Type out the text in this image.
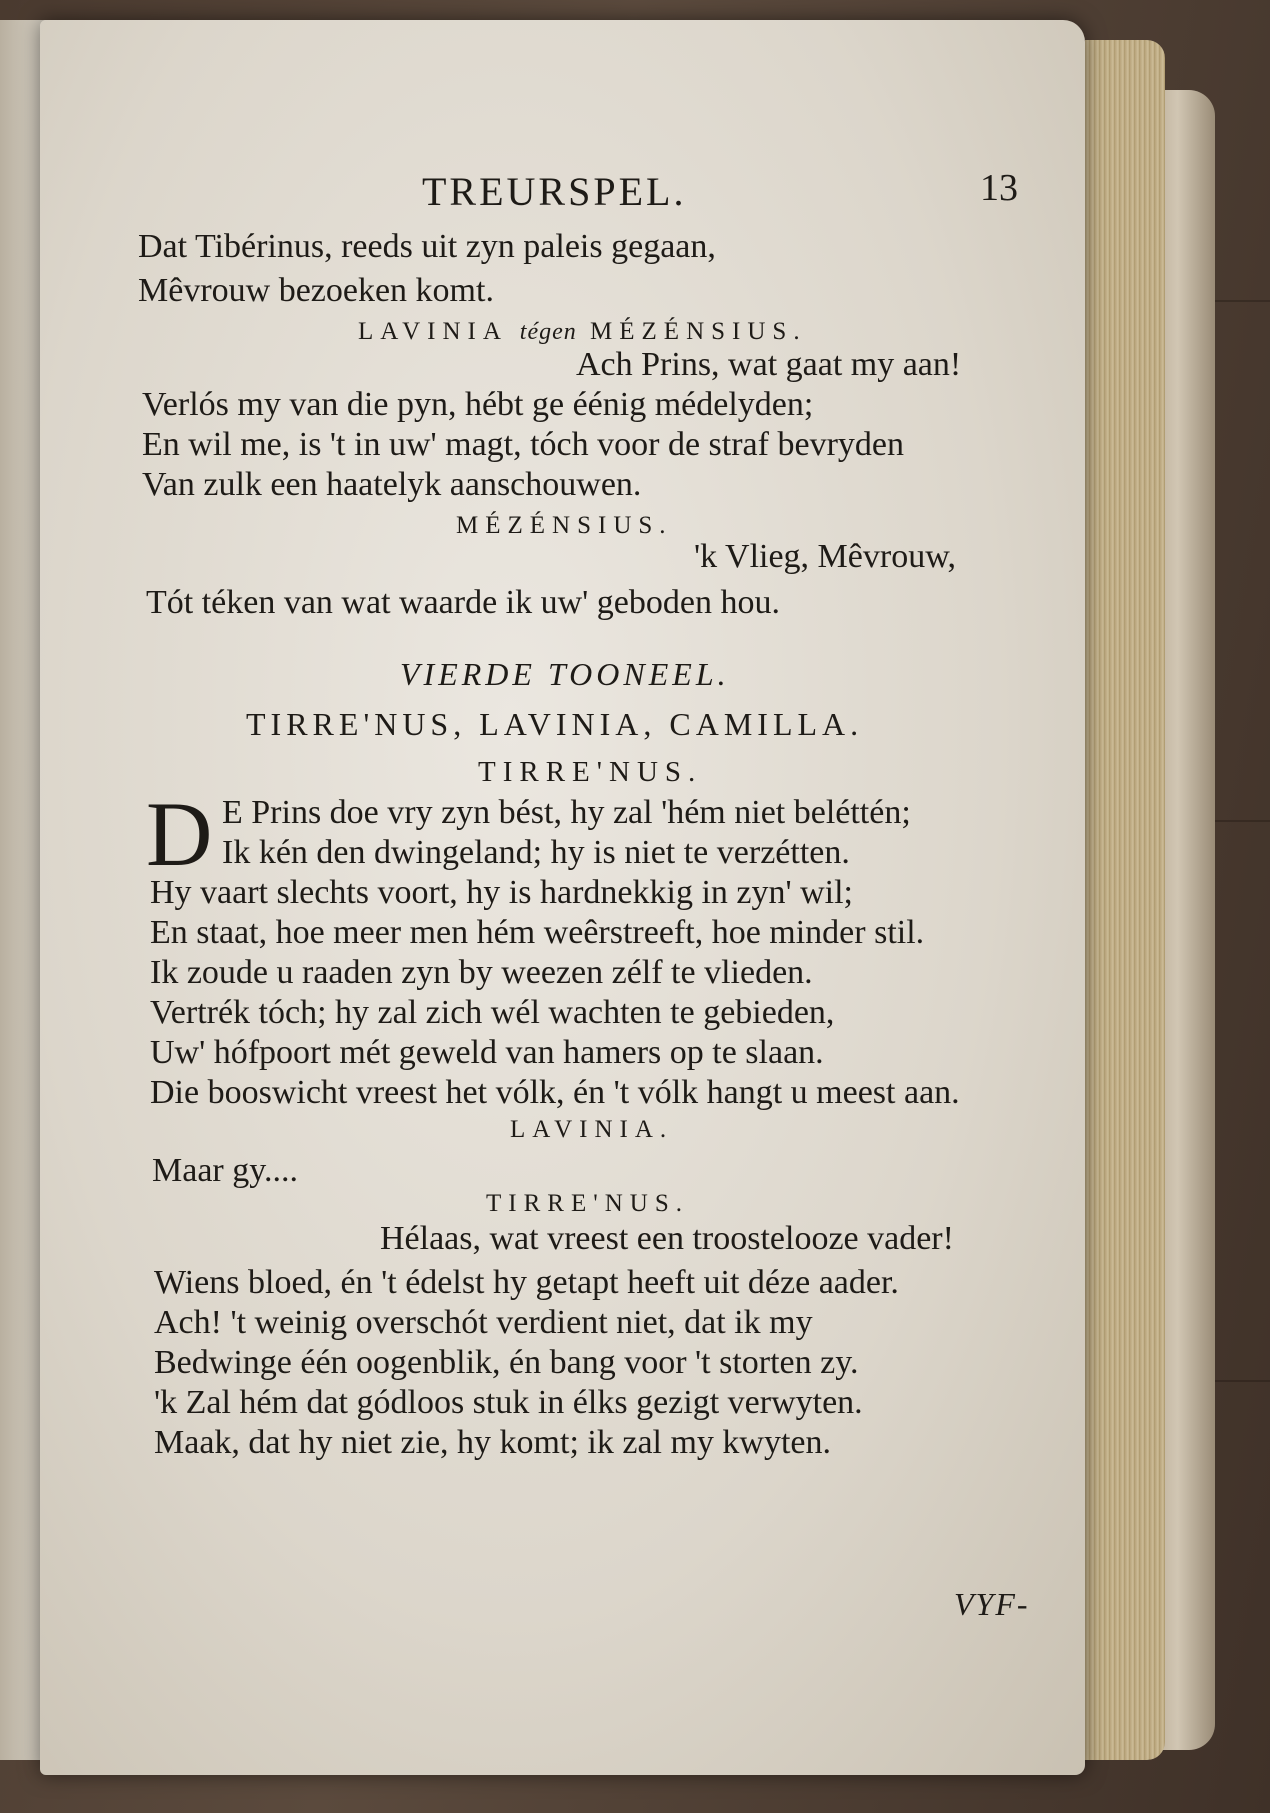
TREURSPEL.	13
Dat Tibérinus, reeds uit zyn paleis gegaan,
Mêvrouw bezoeken komt.
LAVINIA tégen MÉZÉNSIUS.
Ach Prins, wat gaat my aan!
Verlós my van die pyn, hébt ge éénig médelyden;
En wil me, is 't in uw' magt, tóch voor de straf bevryden
Van zulk een haatelyk aanschouwen.
MÉZÉNSIUS.
'k Vlieg, Mêvrouw,
Tót téken van wat waarde ik uw' geboden hou.
VIERDE TOONEEL.
TIRRE'NUS, LAVINIA, CAMILLA.
TIRRE'NUS.
D E Prins doe vry zyn bést, hy zal 'hém niet beléttén;
Ik kén den dwingeland; hy is niet te verzétten.
Hy vaart slechts voort, hy is hardnekkig in zyn' wil;
En staat, hoe meer men hém weêrstreeft, hoe minder stil.
Ik zoude u raaden zyn by weezen zélf te vlieden.
Vertrék tóch; hy zal zich wél wachten te gebieden,
Uw' hófpoort mét geweld van hamers op te slaan.
Die booswicht vreest het vólk, én 't vólk hangt u meest aan.
LAVINIA.
Maar gy....
TIRRE'NUS.
Hélaas, wat vreest een troostelooze vader!
Wiens bloed, én 't édelst hy getapt heeft uit déze aader.
Ach! 't weinig overschót verdient niet, dat ik my
Bedwinge één oogenblik, én bang voor 't storten zy.
'k Zal hém dat gódloos stuk in élks gezigt verwyten.
Maak, dat hy niet zie, hy komt; ik zal my kwyten.
VYF-
